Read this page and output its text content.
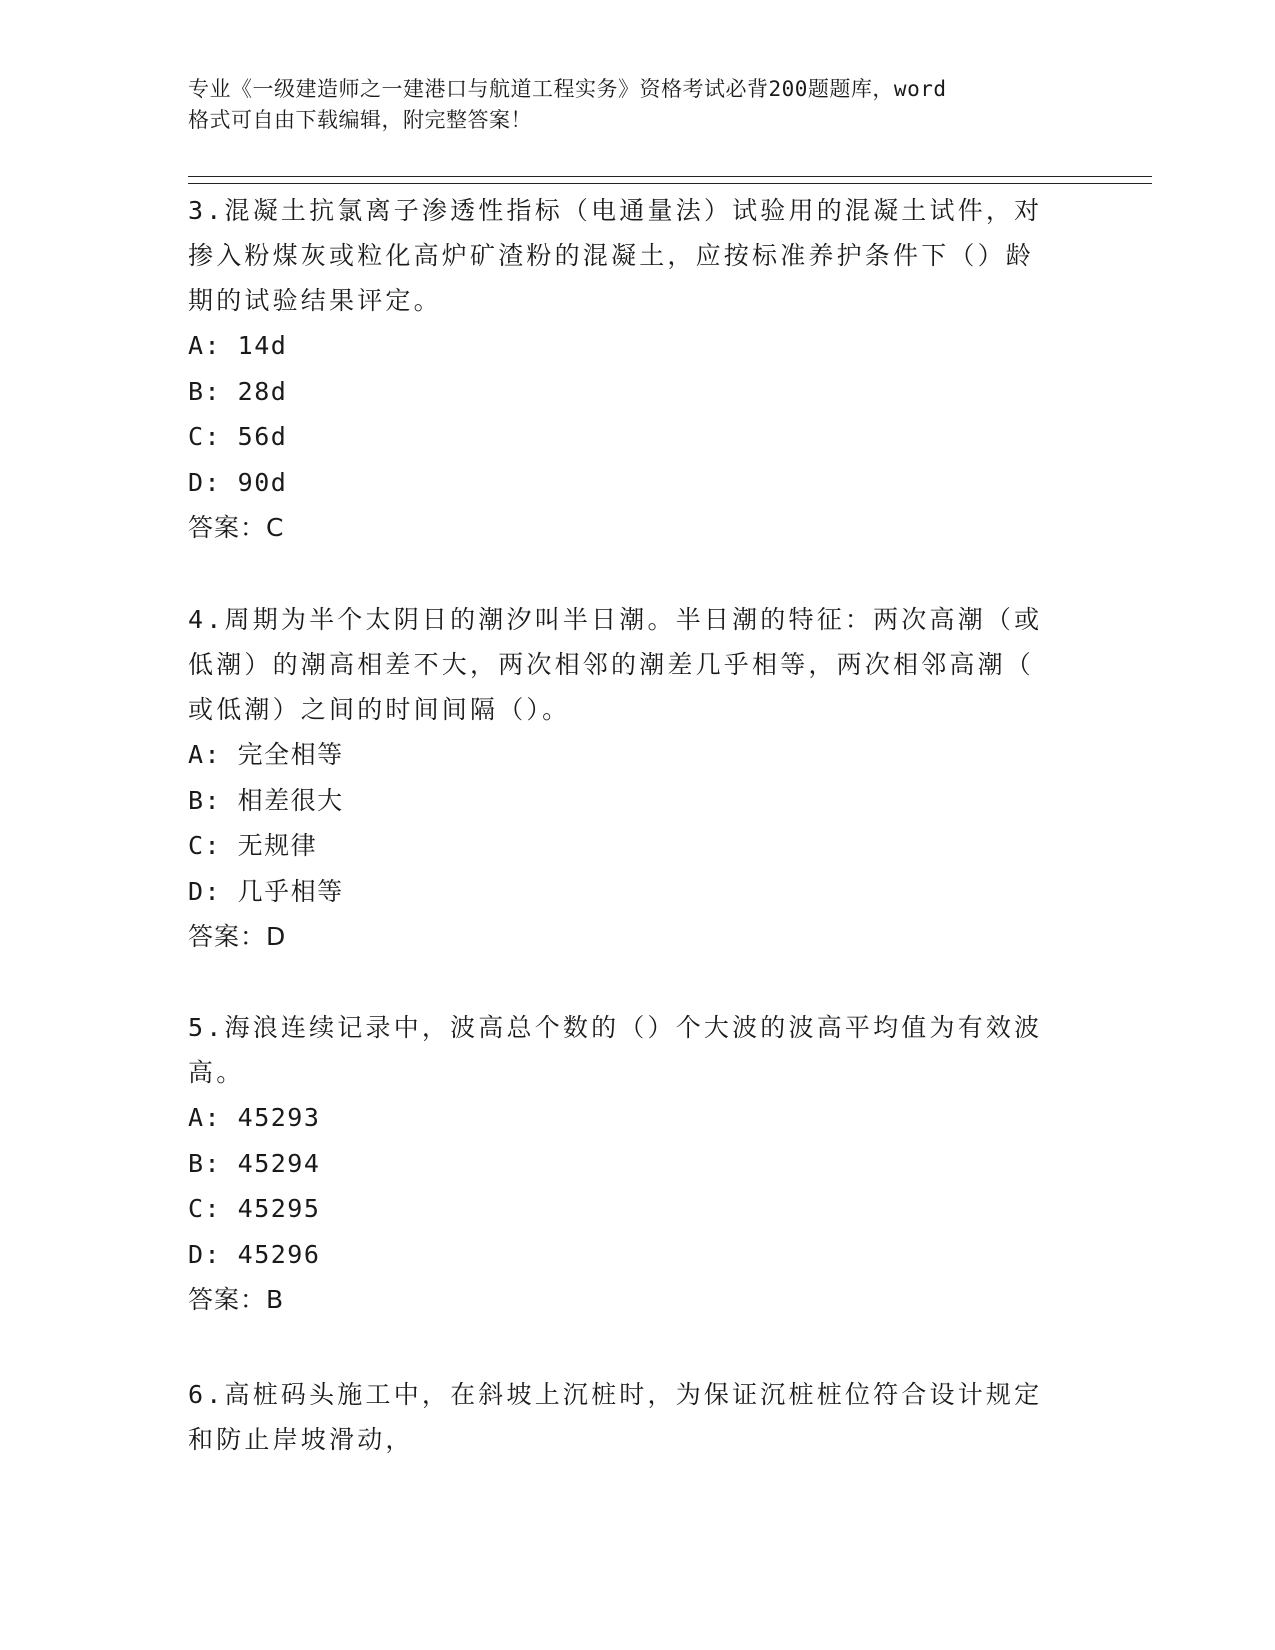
专业《一级建造师之一建港口与航道工程实务》资格考试必背200题题库，word
格式可自由下载编辑，附完整答案！
3.混凝土抗氯离子渗透性指标（电通量法）试验用的混凝土试件，对
掺入粉煤灰或粒化高炉矿渣粉的混凝土，应按标准养护条件下（）龄
期的试验结果评定。
A: 14d
B: 28d
C: 56d
D: 90d
答案：C
4.周期为半个太阴日的潮汐叫半日潮。半日潮的特征：两次高潮（或
低潮）的潮高相差不大，两次相邻的潮差几乎相等，两次相邻高潮（
或低潮）之间的时间间隔（）。
A: 完全相等
B: 相差很大
C: 无规律
D: 几乎相等
答案：D
5.海浪连续记录中，波高总个数的（）个大波的波高平均值为有效波
高。
A: 45293
B: 45294
C: 45295
D: 45296
答案：B
6.高桩码头施工中，在斜坡上沉桩时，为保证沉桩桩位符合设计规定
和防止岸坡滑动，
